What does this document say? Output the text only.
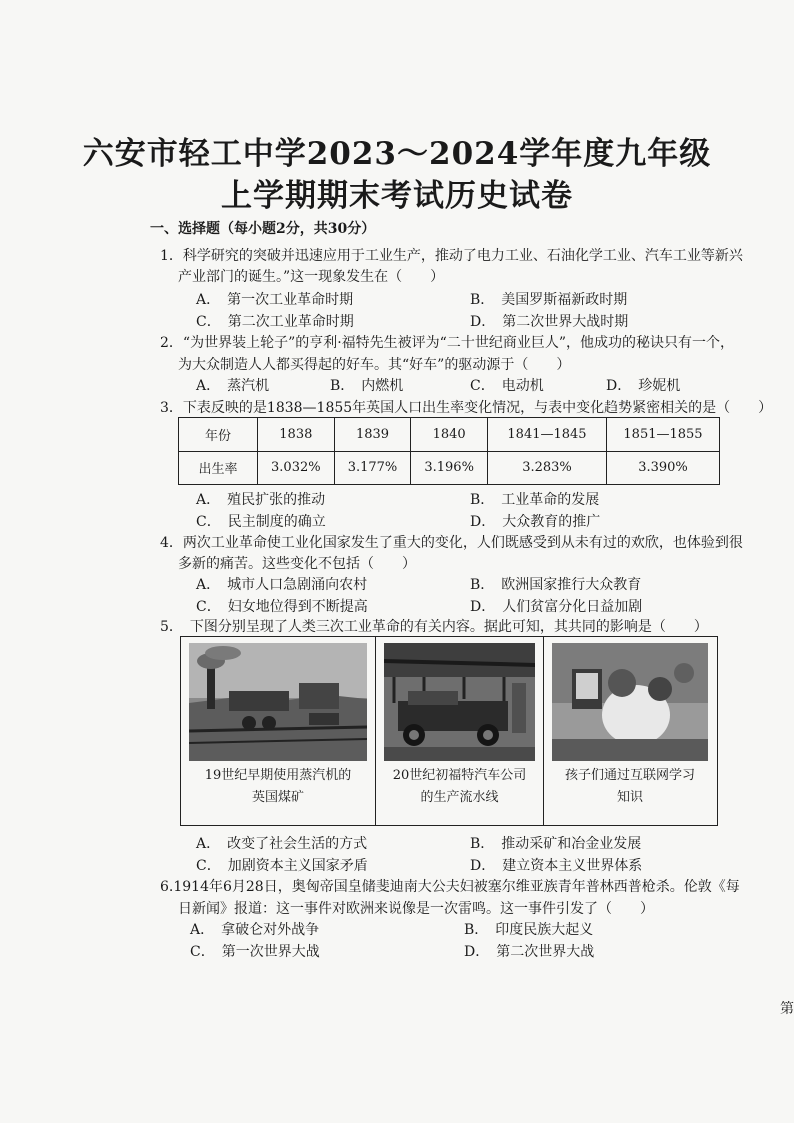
六安市轻工中学2023～2024学年度九年级
上学期期末考试历史试卷
一、选择题（每小题2分，共30分）
1．科学研究的突破并迅速应用于工业生产，推动了电力工业、石油化学工业、汽车工业等新兴
产业部门的诞生。”这一现象发生在（　　）
A．　第一次工业革命时期	B．　美国罗斯福新政时期
C．　第二次工业革命时期	D．　第二次世界大战时期
2．“为世界装上轮子”的亨利·福特先生被评为“二十世纪商业巨人”，他成功的秘诀只有一个，
为大众制造人人都买得起的好车。其“好车”的驱动源于（　　）
A．　蒸汽机	B．　内燃机	C．　电动机	D．　珍妮机
3．下表反映的是1838—1855年英国人口出生率变化情况，与表中变化趋势紧密相关的是（　　）
年份	1838	1839	1840	1841—1845	1851—1855
出生率	3.032%	3.177%	3.196%	3.283%	3.390%
A．　殖民扩张的推动	B．　工业革命的发展
C．　民主制度的确立	D．　大众教育的推广
4．两次工业革命使工业化国家发生了重大的变化，人们既感受到从未有过的欢欣，也体验到很
多新的痛苦。这些变化不包括（　　）
A．　城市人口急剧涌向农村	B．　欧洲国家推行大众教育
C．　妇女地位得到不断提高	D．　人们贫富分化日益加剧
5．　下图分别呈现了人类三次工业革命的有关内容。据此可知，其共同的影响是（　　）
19世纪早期使用蒸汽机的
英国煤矿
20世纪初福特汽车公司
的生产流水线
孩子们通过互联网学习
知识
A．　改变了社会生活的方式	B．　推动采矿和冶金业发展
C．　加剧资本主义国家矛盾	D．　建立资本主义世界体系
6.1914年6月28日，奥匈帝国皇储斐迪南大公夫妇被塞尔维亚族青年普林西普枪杀。伦敦《每
日新闻》报道：这一事件对欧洲来说像是一次雷鸣。这一事件引发了（　　）
A．　拿破仑对外战争	B．　印度民族大起义
C．　第一次世界大战	D．　第二次世界大战
第
